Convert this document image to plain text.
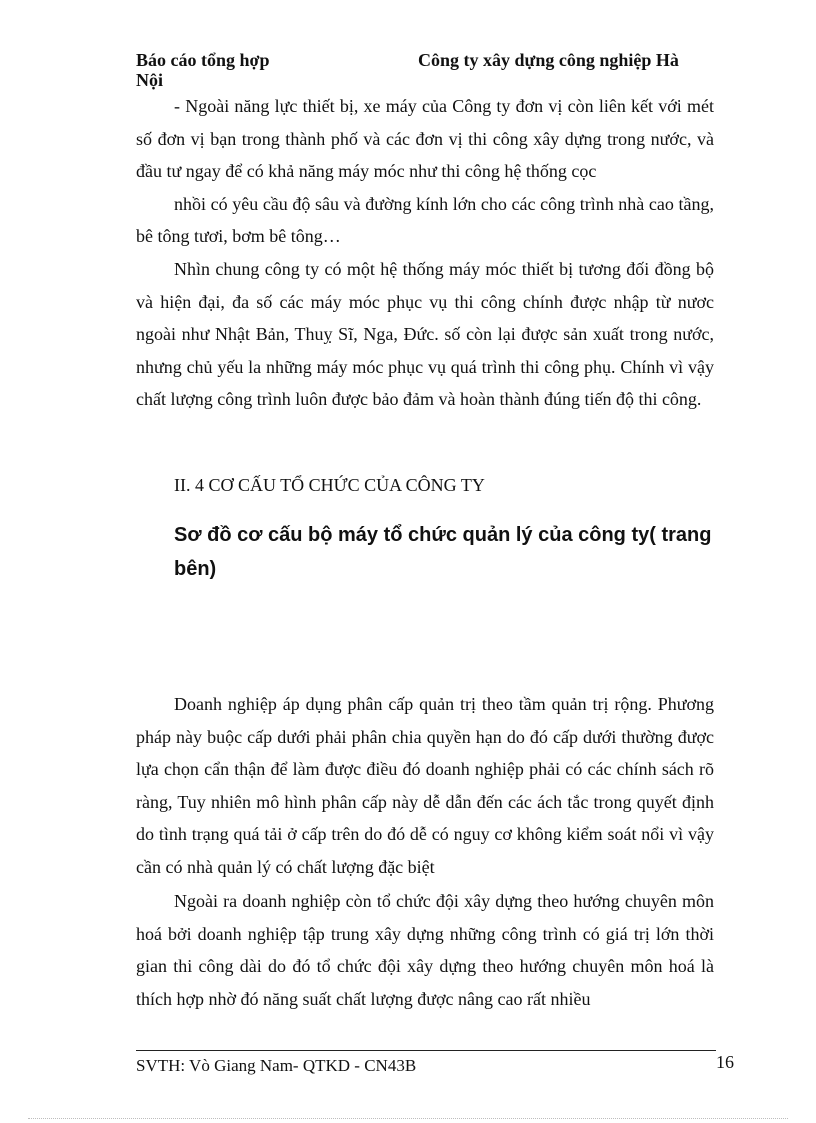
Báo cáo tổng hợp	Công ty xây dựng công nghiệp Hà
Nội

- Ngoài năng lực thiết bị, xe máy của Công ty đơn vị còn liên kết với mét số đơn vị bạn trong thành phố và các đơn vị thi công xây dựng trong nước, và đầu tư ngay để có khả năng máy móc như thi công hệ thống cọc

nhồi có yêu cầu độ sâu và đường kính lớn cho các công trình nhà cao tầng, bê tông tươi, bơm bê tông…

Nhìn chung công ty có một hệ thống máy móc thiết bị tương đối đồng bộ và hiện đại, đa số các máy móc phục vụ thi công chính được nhập từ nươc ngoài như Nhật Bản, Thuỵ Sĩ, Nga, Đức. số còn lại được sản xuất trong nước, nhưng chủ yếu la những máy móc phục vụ quá trình thi công phụ. Chính vì vậy chất lượng công trình luôn được bảo đảm và hoàn thành đúng tiến độ thi công.

II. 4 CƠ CẤU TỔ CHỨC CỦA CÔNG TY
Sơ đồ cơ cấu bộ máy tổ chức quản lý của công ty( trang bên)

Doanh nghiệp áp dụng phân cấp quản trị theo tầm quản trị rộng. Phương pháp này buộc cấp dưới phải phân chia quyền hạn do đó cấp dưới thường được lựa chọn cẩn thận để làm được điều đó doanh nghiệp phải có các chính sách rõ ràng, Tuy nhiên mô hình phân cấp này dễ dẫn đến các ách tắc trong quyết định do tình trạng quá tải ở cấp trên do đó dễ có nguy cơ không kiểm soát nổi vì vậy cần có nhà quản lý có chất lượng đặc biệt

Ngoài ra doanh nghiệp còn tổ chức đội xây dựng theo hướng chuyên môn hoá bởi doanh nghiệp tập trung xây dựng những công trình có giá trị lớn thời gian thi công dài do đó tổ chức đội xây dựng theo hướng chuyên môn hoá là thích hợp nhờ đó năng suất chất lượng được nâng cao rất nhiều

SVTH: Vò Giang Nam- QTKD - CN43B	16
